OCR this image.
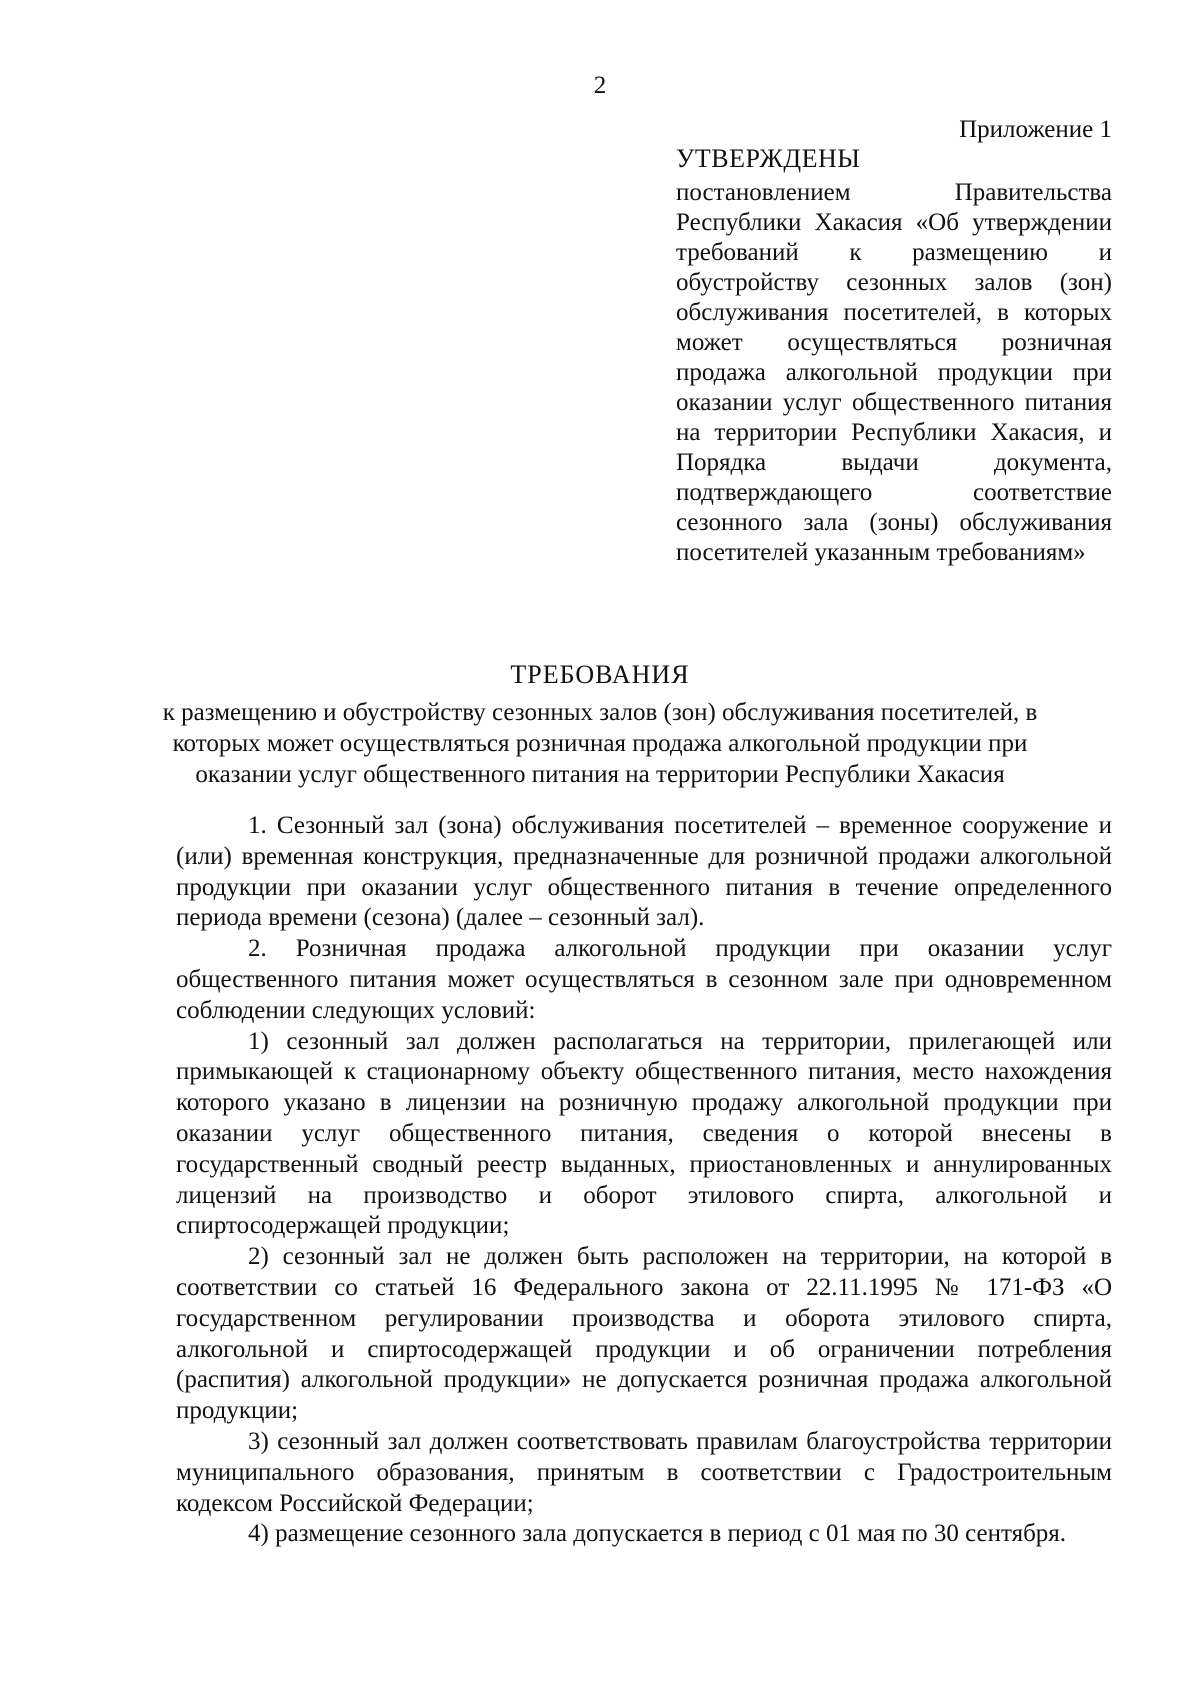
2
Приложение 1
УТВЕРЖДЕНЫ
постановлением Правительства Республики Хакасия «Об утверждении требований к размещению и обустройству сезонных залов (зон) обслуживания посетителей, в которых может осуществляться розничная продажа алкогольной продукции при оказании услуг общественного питания на территории Республики Хакасия, и Порядка выдачи документа, подтверждающего соответствие сезонного зала (зоны) обслуживания
посетителей указанным требованиям»
ТРЕБОВАНИЯ
к размещению и обустройству сезонных залов (зон) обслуживания посетителей, в которых может осуществляться розничная продажа алкогольной продукции при оказании услуг общественного питания на территории Республики Хакасия

1. Сезонный зал (зона) обслуживания посетителей – временное сооружение и (или) временная конструкция, предназначенные для розничной продажи алкогольной продукции при оказании услуг общественного питания в течение определенного периода времени (сезона) (далее – сезонный зал).

2. Розничная продажа алкогольной продукции при оказании услуг общественного питания может осуществляться в сезонном зале при одновременном соблюдении следующих условий:

1) сезонный зал должен располагаться на территории, прилегающей или примыкающей к стационарному объекту общественного питания, место нахождения которого указано в лицензии на розничную продажу алкогольной продукции при оказании услуг общественного питания, сведения о которой внесены в государственный сводный реестр выданных, приостановленных и аннулированных лицензий на производство и оборот этилового спирта, алкогольной и спиртосодержащей продукции;

2) сезонный зал не должен быть расположен на территории, на которой в соответствии со статьей 16 Федерального закона от 22.11.1995 № 171-ФЗ «О государственном регулировании производства и оборота этилового спирта, алкогольной и спиртосодержащей продукции и об ограничении потребления (распития) алкогольной продукции» не допускается розничная продажа алкогольной продукции;

3) сезонный зал должен соответствовать правилам благоустройства территории муниципального образования, принятым в соответствии с Градостроительным кодексом Российской Федерации;

4) размещение сезонного зала допускается в период с 01 мая по 30 сентября.
